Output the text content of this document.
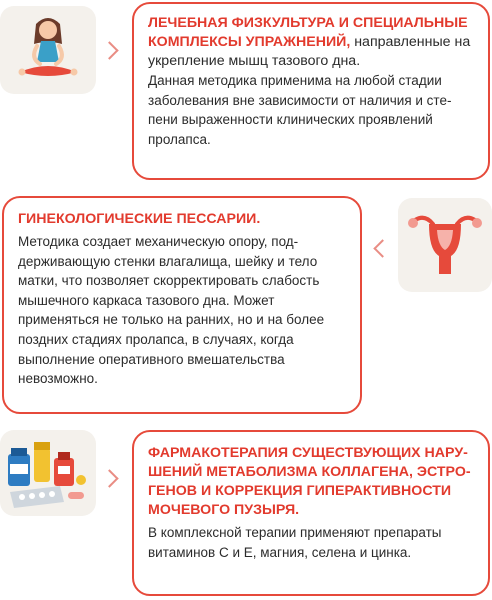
ЛЕЧЕБНАЯ ФИЗКУЛЬТУРА И СПЕЦИАЛЬНЫЕ КОМПЛЕКСЫ УПРАЖНЕНИЙ, направленные на укрепление мышц тазового дна.

Данная методика применима на любой стадии заболевания вне зависимости от наличия и степени выраженности клинических проявлений пролапса.

ГИНЕКОЛОГИЧЕСКИЕ ПЕССАРИИ.

Методика создает механическую опору, поддерживающую стенки влагалища, шейку и тело матки, что позволяет скорректировать слабость мышечного каркаса тазового дна. Может применяться не только на ранних, но и на более поздних стадиях пролапса, в случаях, когда выполнение оперативного вмешательства невозможно.

ФАРМАКОТЕРАПИЯ СУЩЕСТВУЮЩИХ НАРУШЕНИЙ МЕТАБОЛИЗМА КОЛЛАГЕНА, ЭСТРОГЕНОВ И КОРРЕКЦИЯ ГИПЕРАКТИВНОСТИ МОЧЕВОГО ПУЗЫРЯ.

В комплексной терапии применяют препараты витаминов С и Е, магния, селена и цинка.
